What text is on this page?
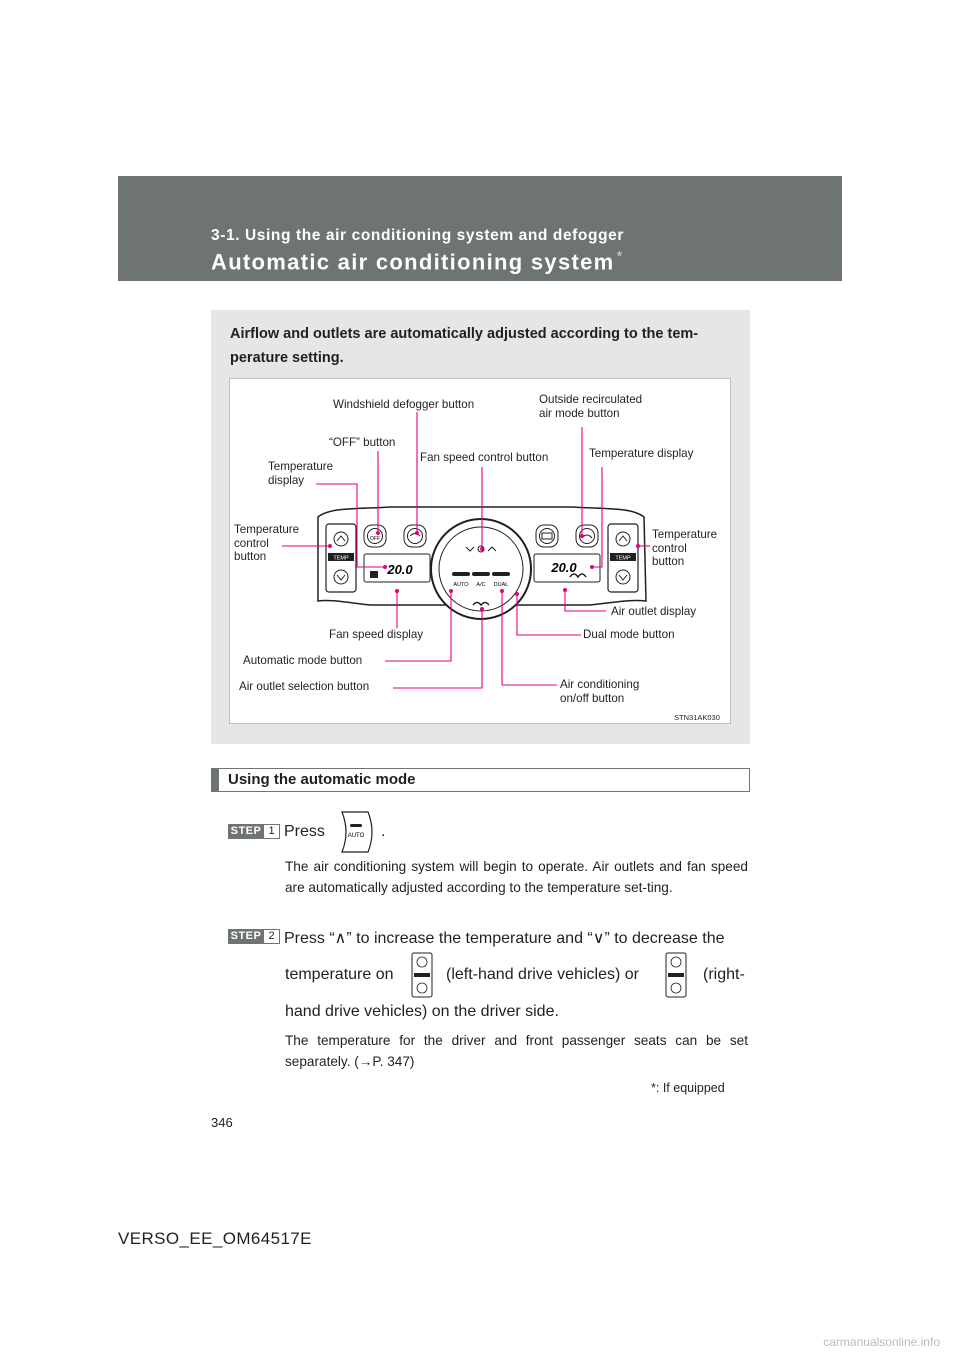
3-1. Using the air conditioning system and defogger
Automatic air conditioning system *
Airflow and outlets are automatically adjusted according to the tem-perature setting.
TEMP	TEMP
OFF
20.0	20.0
AUTO A/C DUAL
Windshield defogger button	Outside recirculated
air mode button
“OFF” button
Fan speed control button	Temperature display
Temperature
display
Temperature
control
button
Temperature
control
button
Air outlet display
Fan speed display	Dual mode button
Automatic mode button
Air outlet selection button	Air conditioning
on/off button
STN31AK030
Using the automatic mode
STEP 1 Press	AUTO .
The air conditioning system will begin to operate. Air outlets and fan speed are automatically adjusted according to the temperature set-ting.
STEP 2 Press “∧” to increase the temperature and “∨” to decrease the
temperature on	(left-hand drive vehicles) or	(right-
hand drive vehicles) on the driver side.
The temperature for the driver and front passenger seats can be set separately. (→P. 347)
*: If equipped
346
VERSO_EE_OM64517E
carmanualsonline.info
